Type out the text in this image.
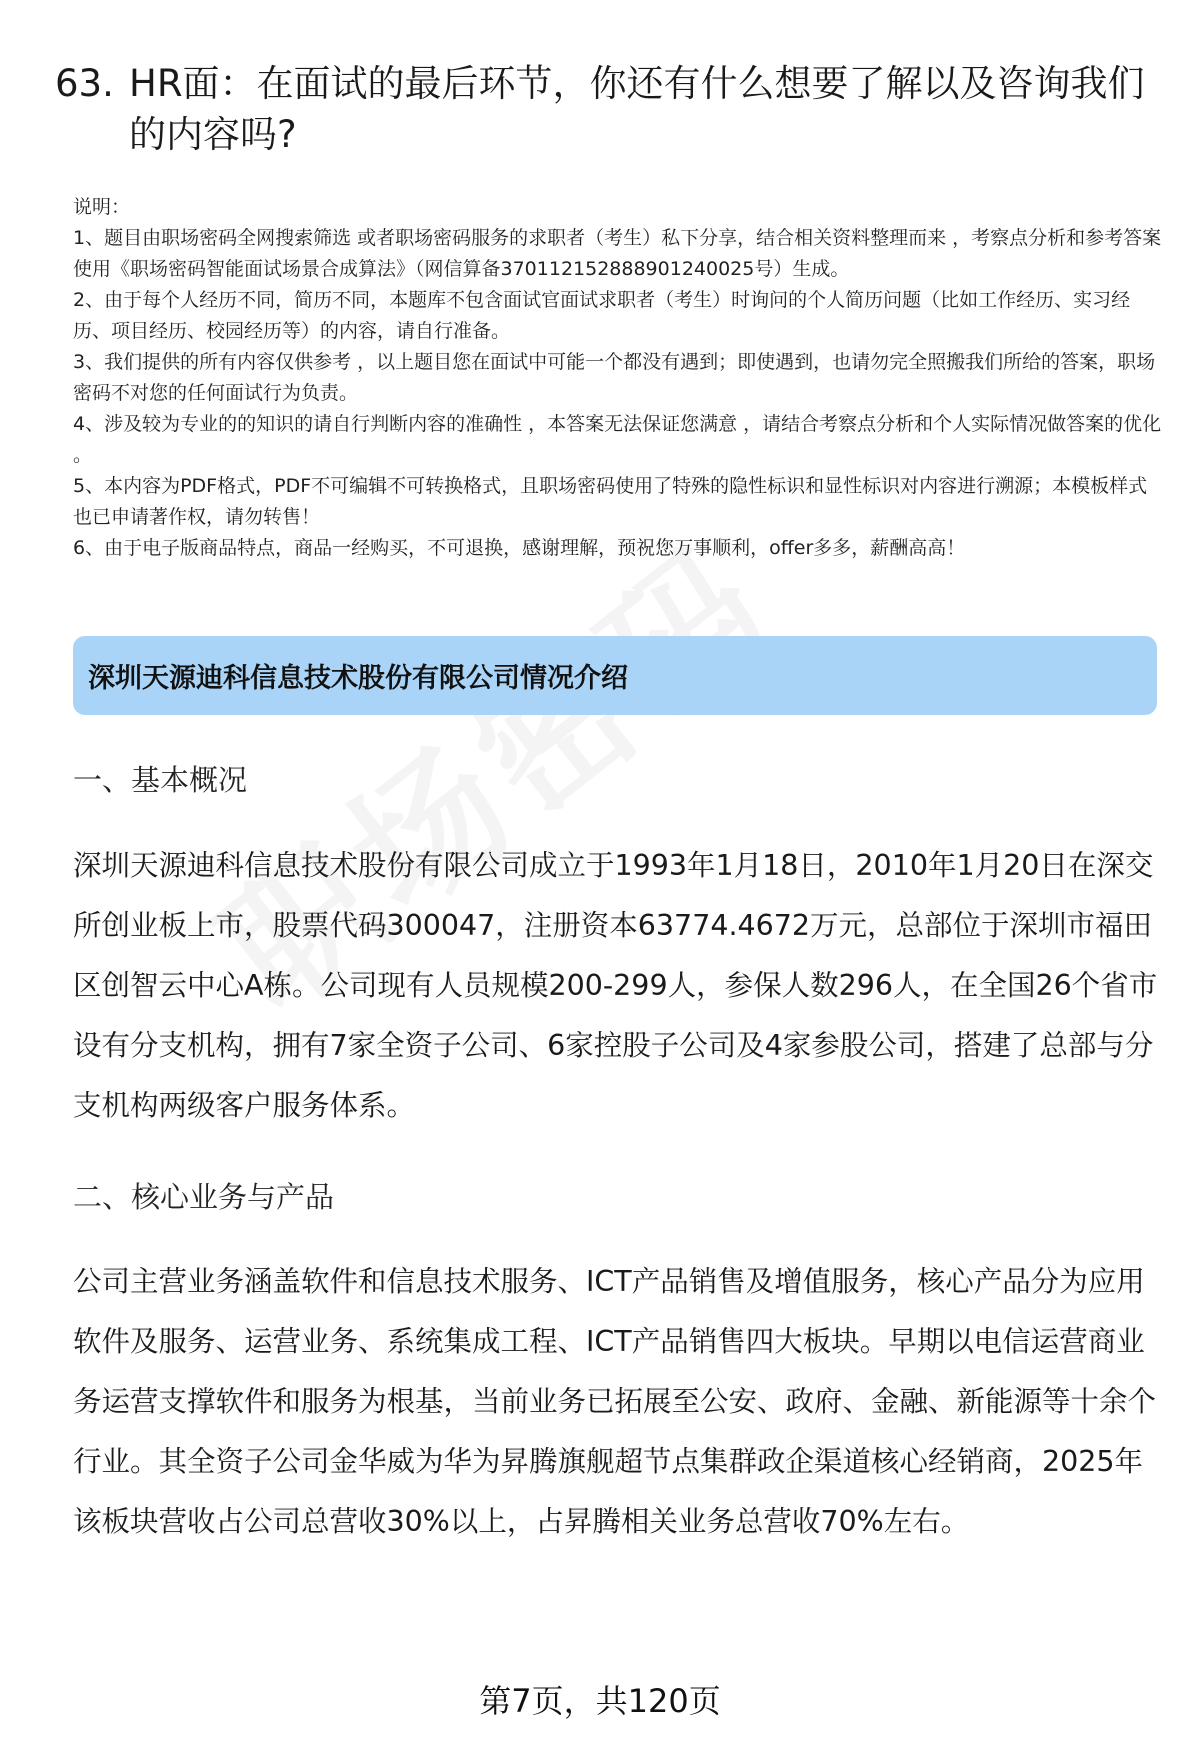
63. HR面：在面试的最后环节，你还有什么想要了解以及咨询我们的内容吗?

说明：

1、题目由职场密码全网搜索筛选 或者职场密码服务的求职者（考生）私下分享，结合相关资料整理而来 ，考察点分析和参考答案使用《职场密码智能面试场景合成算法》（网信算备370112152888901240025号）生成。

2、由于每个人经历不同，简历不同，本题库不包含面试官面试求职者（考生）时询问的个人简历问题（比如工作经历、实习经历、项目经历、校园经历等）的内容，请自行准备。

3、我们提供的所有内容仅供参考 ，以上题目您在面试中可能一个都没有遇到；即使遇到，也请勿完全照搬我们所给的答案，职场密码不对您的任何面试行为负责。

4、涉及较为专业的的知识的请自行判断内容的准确性 ，本答案无法保证您满意 ，请结合考察点分析和个人实际情况做答案的优化 。

5、本内容为PDF格式，PDF不可编辑不可转换格式，且职场密码使用了特殊的隐性标识和显性标识对内容进行溯源；本模板样式也已申请著作权，请勿转售！

6、由于电子版商品特点，商品一经购买，不可退换，感谢理解，预祝您万事顺利，offer多多，薪酬高高！

深圳天源迪科信息技术股份有限公司情况介绍
一、基本概况

深圳天源迪科信息技术股份有限公司成立于1993年1月18日，2010年1月20日在深交所创业板上市，股票代码300047，注册资本63774.4672万元，总部位于深圳市福田区创智云中心A栋。公司现有人员规模200-299人，参保人数296人，在全国26个省市设有分支机构，拥有7家全资子公司、6家控股子公司及4家参股公司，搭建了总部与分支机构两级客户服务体系。

二、核心业务与产品

公司主营业务涵盖软件和信息技术服务、ICT产品销售及增值服务，核心产品分为应用软件及服务、运营业务、系统集成工程、ICT产品销售四大板块。早期以电信运营商业务运营支撑软件和服务为根基，当前业务已拓展至公安、政府、金融、新能源等十余个行业。其全资子公司金华威为华为昇腾旗舰超节点集群政企渠道核心经销商，2025年该板块营收占公司总营收30%以上，占昇腾相关业务总营收70%左右。

第7页，共120页
